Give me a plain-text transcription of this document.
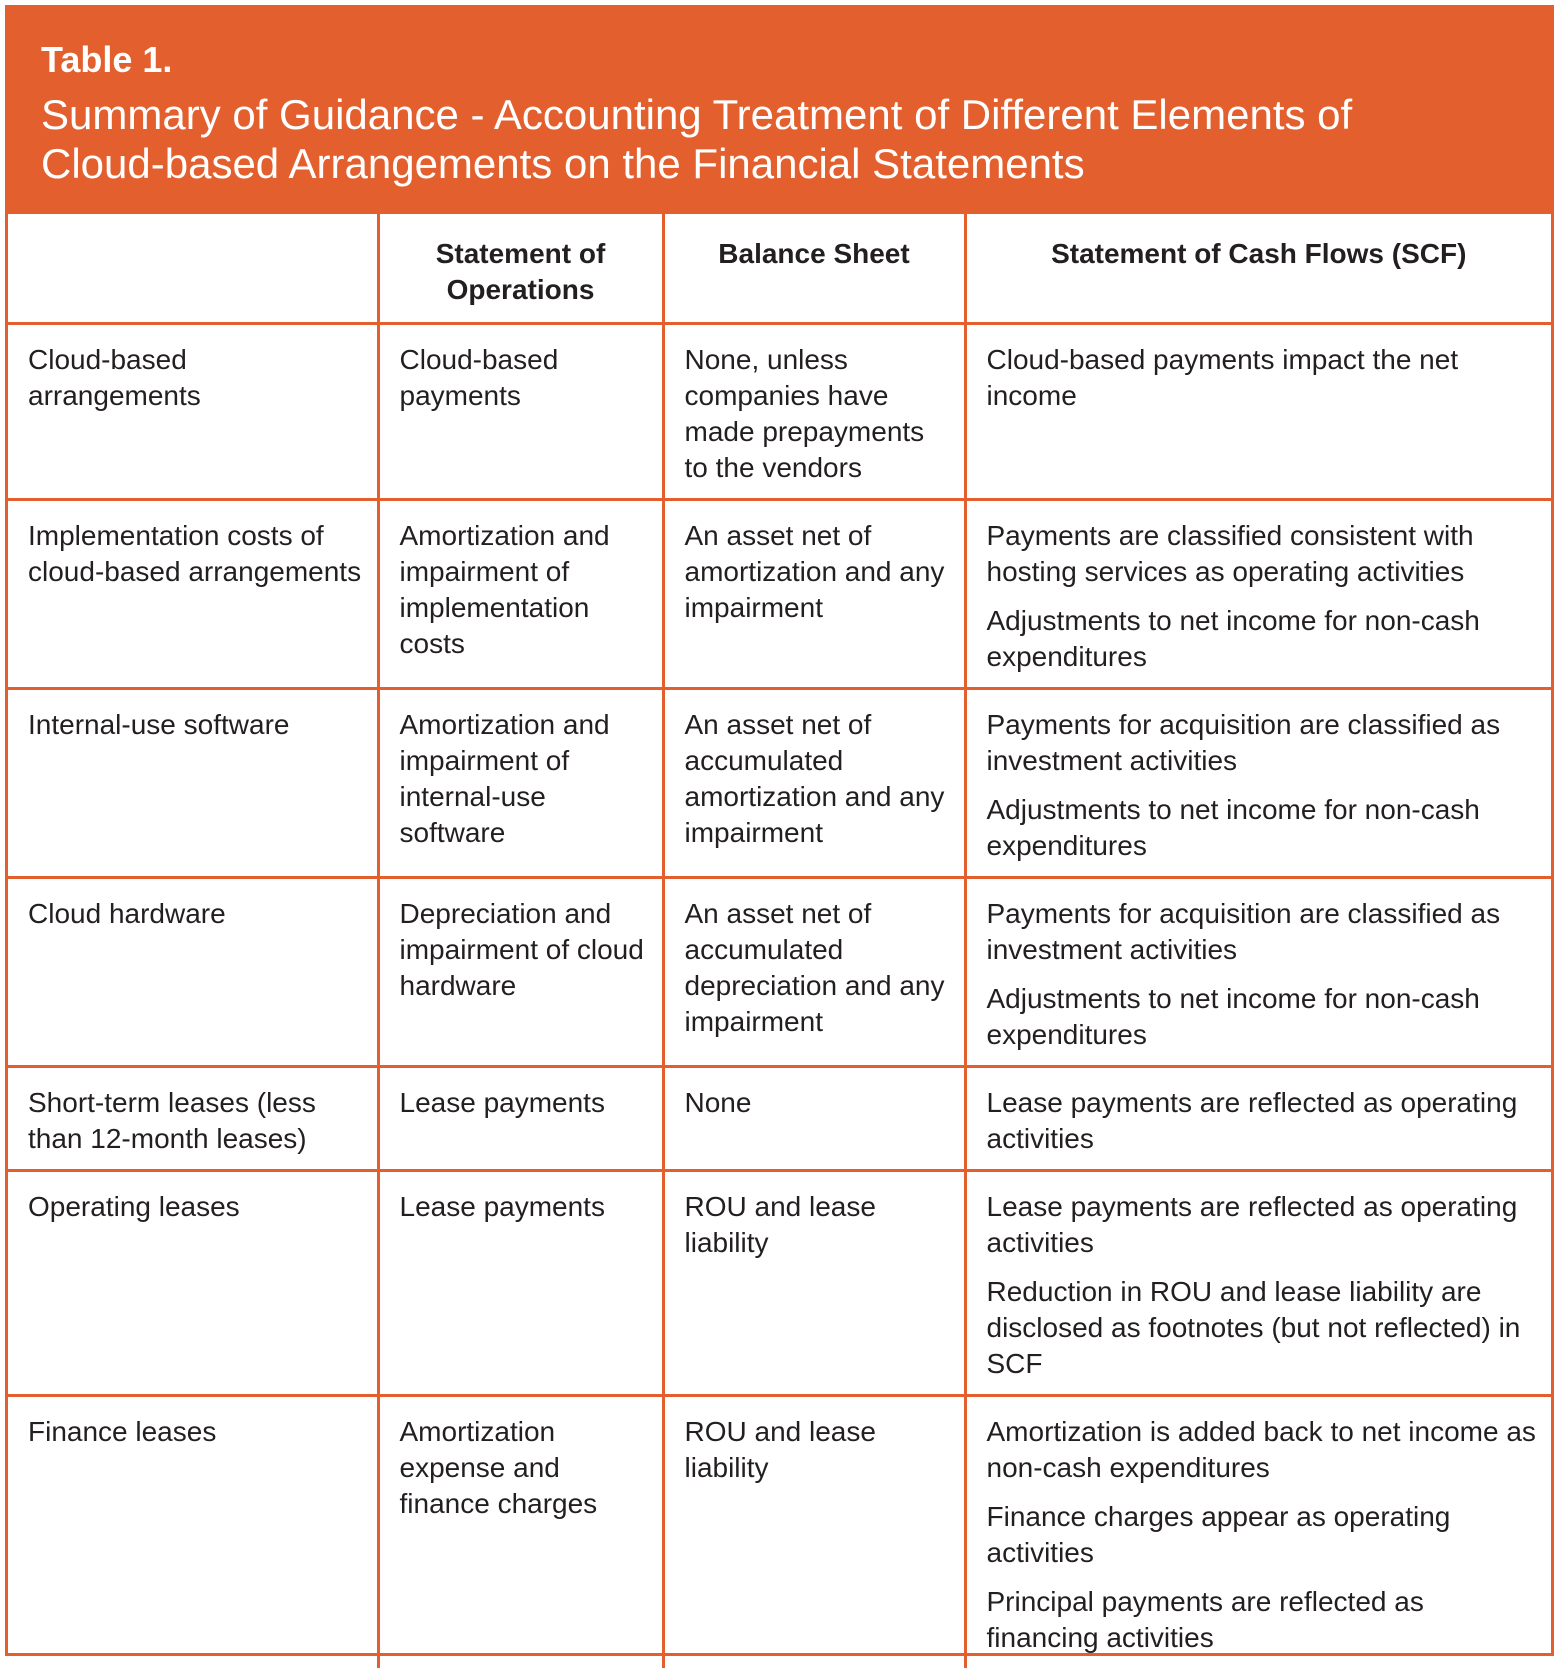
Table 1.
Summary of Guidance - Accounting Treatment of Different Elements of
Cloud-based Arrangements on the Financial Statements
	Statement of Operations	Balance Sheet	Statement of Cash Flows (SCF)
Cloud-based arrangements	Cloud-based payments	None, unless companies have made prepayments to the vendors	Cloud-based payments impact the net income

Implementation costs of cloud-based arrangements	Amortization and impairment of implementation costs	An asset net of amortization and any impairment	Payments are classified consistent with hosting services as operating activities
Adjustments to net income for non-cash expenditures

Internal-use software	Amortization and impairment of internal-use software	An asset net of accumulated amortization and any impairment	Payments for acquisition are classified as investment activities
Adjustments to net income for non-cash expenditures

Cloud hardware	Depreciation and impairment of cloud hardware	An asset net of accumulated depreciation and any impairment	Payments for acquisition are classified as investment activities
Adjustments to net income for non-cash expenditures

Short-term leases (less than 12-month leases)	Lease payments	None	Lease payments are reflected as operating activities

Operating leases	Lease payments	ROU and lease liability	Lease payments are reflected as operating activities
Reduction in ROU and lease liability are disclosed as footnotes (but not reflected) in SCF

Finance leases	Amortization expense and finance charges	ROU and lease liability	Amortization is added back to net income as non-cash expenditures
Finance charges appear as operating activities
Principal payments are reflected as financing activities
